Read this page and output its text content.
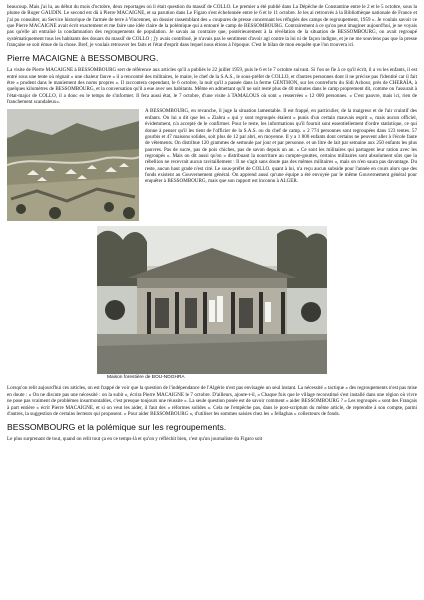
beaucoup. Mais j'ai lu, au début du mois d'octobre, deux reportages où il était question du massif de COLLO. Le premier a été publié dans La Dépêche de Constantine entre le 2 et le 5 octobre, sous la plume de Roger GAUDIN. Le second est dû à Pierre MACAIGNE, et sa parution dans Le Figaro s'est échelonnée entre le 6 et le 11 octobre. Je les ai retrouvés à la Bibliothèque nationale de France et j'ai pu consulter, au Service historique de l'armée de terre à Vincennes, un dossier rassemblant des « coupures de presse concernant les réfugiés des camps de regroupement, 1959 ». Je voulais savoir ce que Pierre MACAIGNE avait écrit exactement et me faire une idée claire de la polémique qui a entouré le camp de BESSOMBOURG. Contrairement à ce qu'on peut imaginer aujourd'hui, je ne voyais pas qu'elle ait entraîné la condamnation des regroupements de population. Je savais au contraire que, postérieurement à la révélation de la situation de BESSOMBOURG, on avait regroupé systématiquement tous les habitants des douars du massif de COLLO ; j'y avais contribué, je n'avais pas le sentiment d'avoir agi contre la loi ni de façon indigne, et je ne me souviens pas que la presse française se soit émue de la chose. Bref, je voulais retrouver les faits et l'état d'esprit dans lequel nous étions à l'époque. C'est le bilan de mon enquête que l'on trouvera ici.

Pierre MACAIGNE à BESSOMBOURG.

La visite de Pierre MACAIGNE à BESSOMBOURG sert de référence aux articles qu'il a publiés le 22 juillet 1959, puis le 6 et le 7 octobre suivant. Si l'on se fie à ce qu'il écrit, il a vu les enfants, il est entré sous une tente où régnait « une chaleur fauve » il a rencontré des militaires, le maire, le chef de la S.A.S., le sous-préfet de COLLO, et d'autres personnes dont il ne précise pas l'identité car il fait être « prudent dans le maniement des noms propres ». Il raccontera cependant, le 6 octobre, la nuit qu'il a passée dans la ferme GENTHON, sur les contreforts du Sidi Achour, près de CHERAÏA, à quelques kilomètres de BESSOMBOURG, et la conversation qu'il a eue avec ses habitants. Même en admettant qu'il ne soit resté plus de 40 minutes dans le camp proprement dit, comme on l'assurait à l'état-major de COLLO, il a donc eu le temps de s'informer. Il fera aussi état, le 7 octobre, d'une visite à TAMALOUS où sont « resserrées » 12 000 personnes. « C'est pauvre, mais ici, rien de franchement scandaleux».

A BESSOMBOURG, en revanche, il juge la situation lamentable. Il est frappé, en particulier, de la maigreur et de l'air craintif des enfants. On lui a dit que les « Ziabra » qui y sont regroupés étaient « punis d'un certain mauvais esprit », mais aucun officiel, évidemment, n'a accepté de le confirmer. Pour le reste, les informations qu'il fournit sont essentiellement d'ordre statistique, ce qui donne à penser qu'il les tient de l'officier de la S.A.S. ou du chef de camp. « 2 774 personnes sont regroupées dans 123 tentes. 57 gourbis et 47 maisons solides, soit plus de 12 par abri, en moyenne. Il y a 1 800 enfants dont certains ne peuvent aller à l'école faute de vêtements. On distribue 120 grammes de semoule par jour et par personne. et un litre de lait par semaine aux 250 enfants les plus pauvres. Pas de sucre, pas de pois chiches, pas de savon depuis un an. « Ce sont les militaires qui partagent leur ration avec les regroupés ». Mais on dit aussi qu'on « distribuant la nourriture au compte-gouttes, certains militaires sont absolument sûrs que la rébellion ne recevrait aucun ravitaillement : Il ne s'agit sans doute pas des mêmes militaires », mais on n'en saura pas davantage. Du reste, aucun haut grade n'est cité. Le sous-préfet de COLLO. quant à lui, n'a reçu aucun subside pour l'année en cours alors que des fonds existent au Gouvernement général. On apprend aussi qu'une équipe a été envoyée par le même Gouvernement général pour enquêter à BESSOMBOURG, mais que son rapport est inconnu à ALGER.

Maison forestière de BOU-NDGHRA

Lorsqu'on relit aujourd'hui ces articles, on est frappé de voir que la question de l'indépendance de l'Algérie n'est pas envisagée un seul instant. La nécessité « tactique » des regroupements n'est pas mise en doute : « On ne discute pas une nécessité : on la subit », écrira Pierre MACAIGNE le 7 octobre. D'ailleurs, ajoute-t-il, « Chaque fois que le village reconstitué s'est installé dans une région où vivre ne pose pas vraiment de problèmes insurmontables, c'est presque toujours une réussite ». La seule question posée est de savoir comment « aider BESSOMBOURG ? » Les regroupés « sont des Français à part entière » écrit Pierre MACAIGNE, et si on veut les aider, il faut des « réformes solides ». Cela ne l'empêche pas, dans le post-scriptum du même article, de reprendre à son compte, parmi d'autres, la suggestion de certains lecteurs qui proposent. « Pour aider BESSOMBOURG », d'utiliser les sommes saisies chez les « fellaghas » collecteurs de fonds.

BESSOMBOURG et la polémique sur les regroupements.

Le plus surprenant de tout, quand on relit tout ça en ce temps-là et qu'on y réfléchit bien, c'est qu'un journaliste du Figaro soit
